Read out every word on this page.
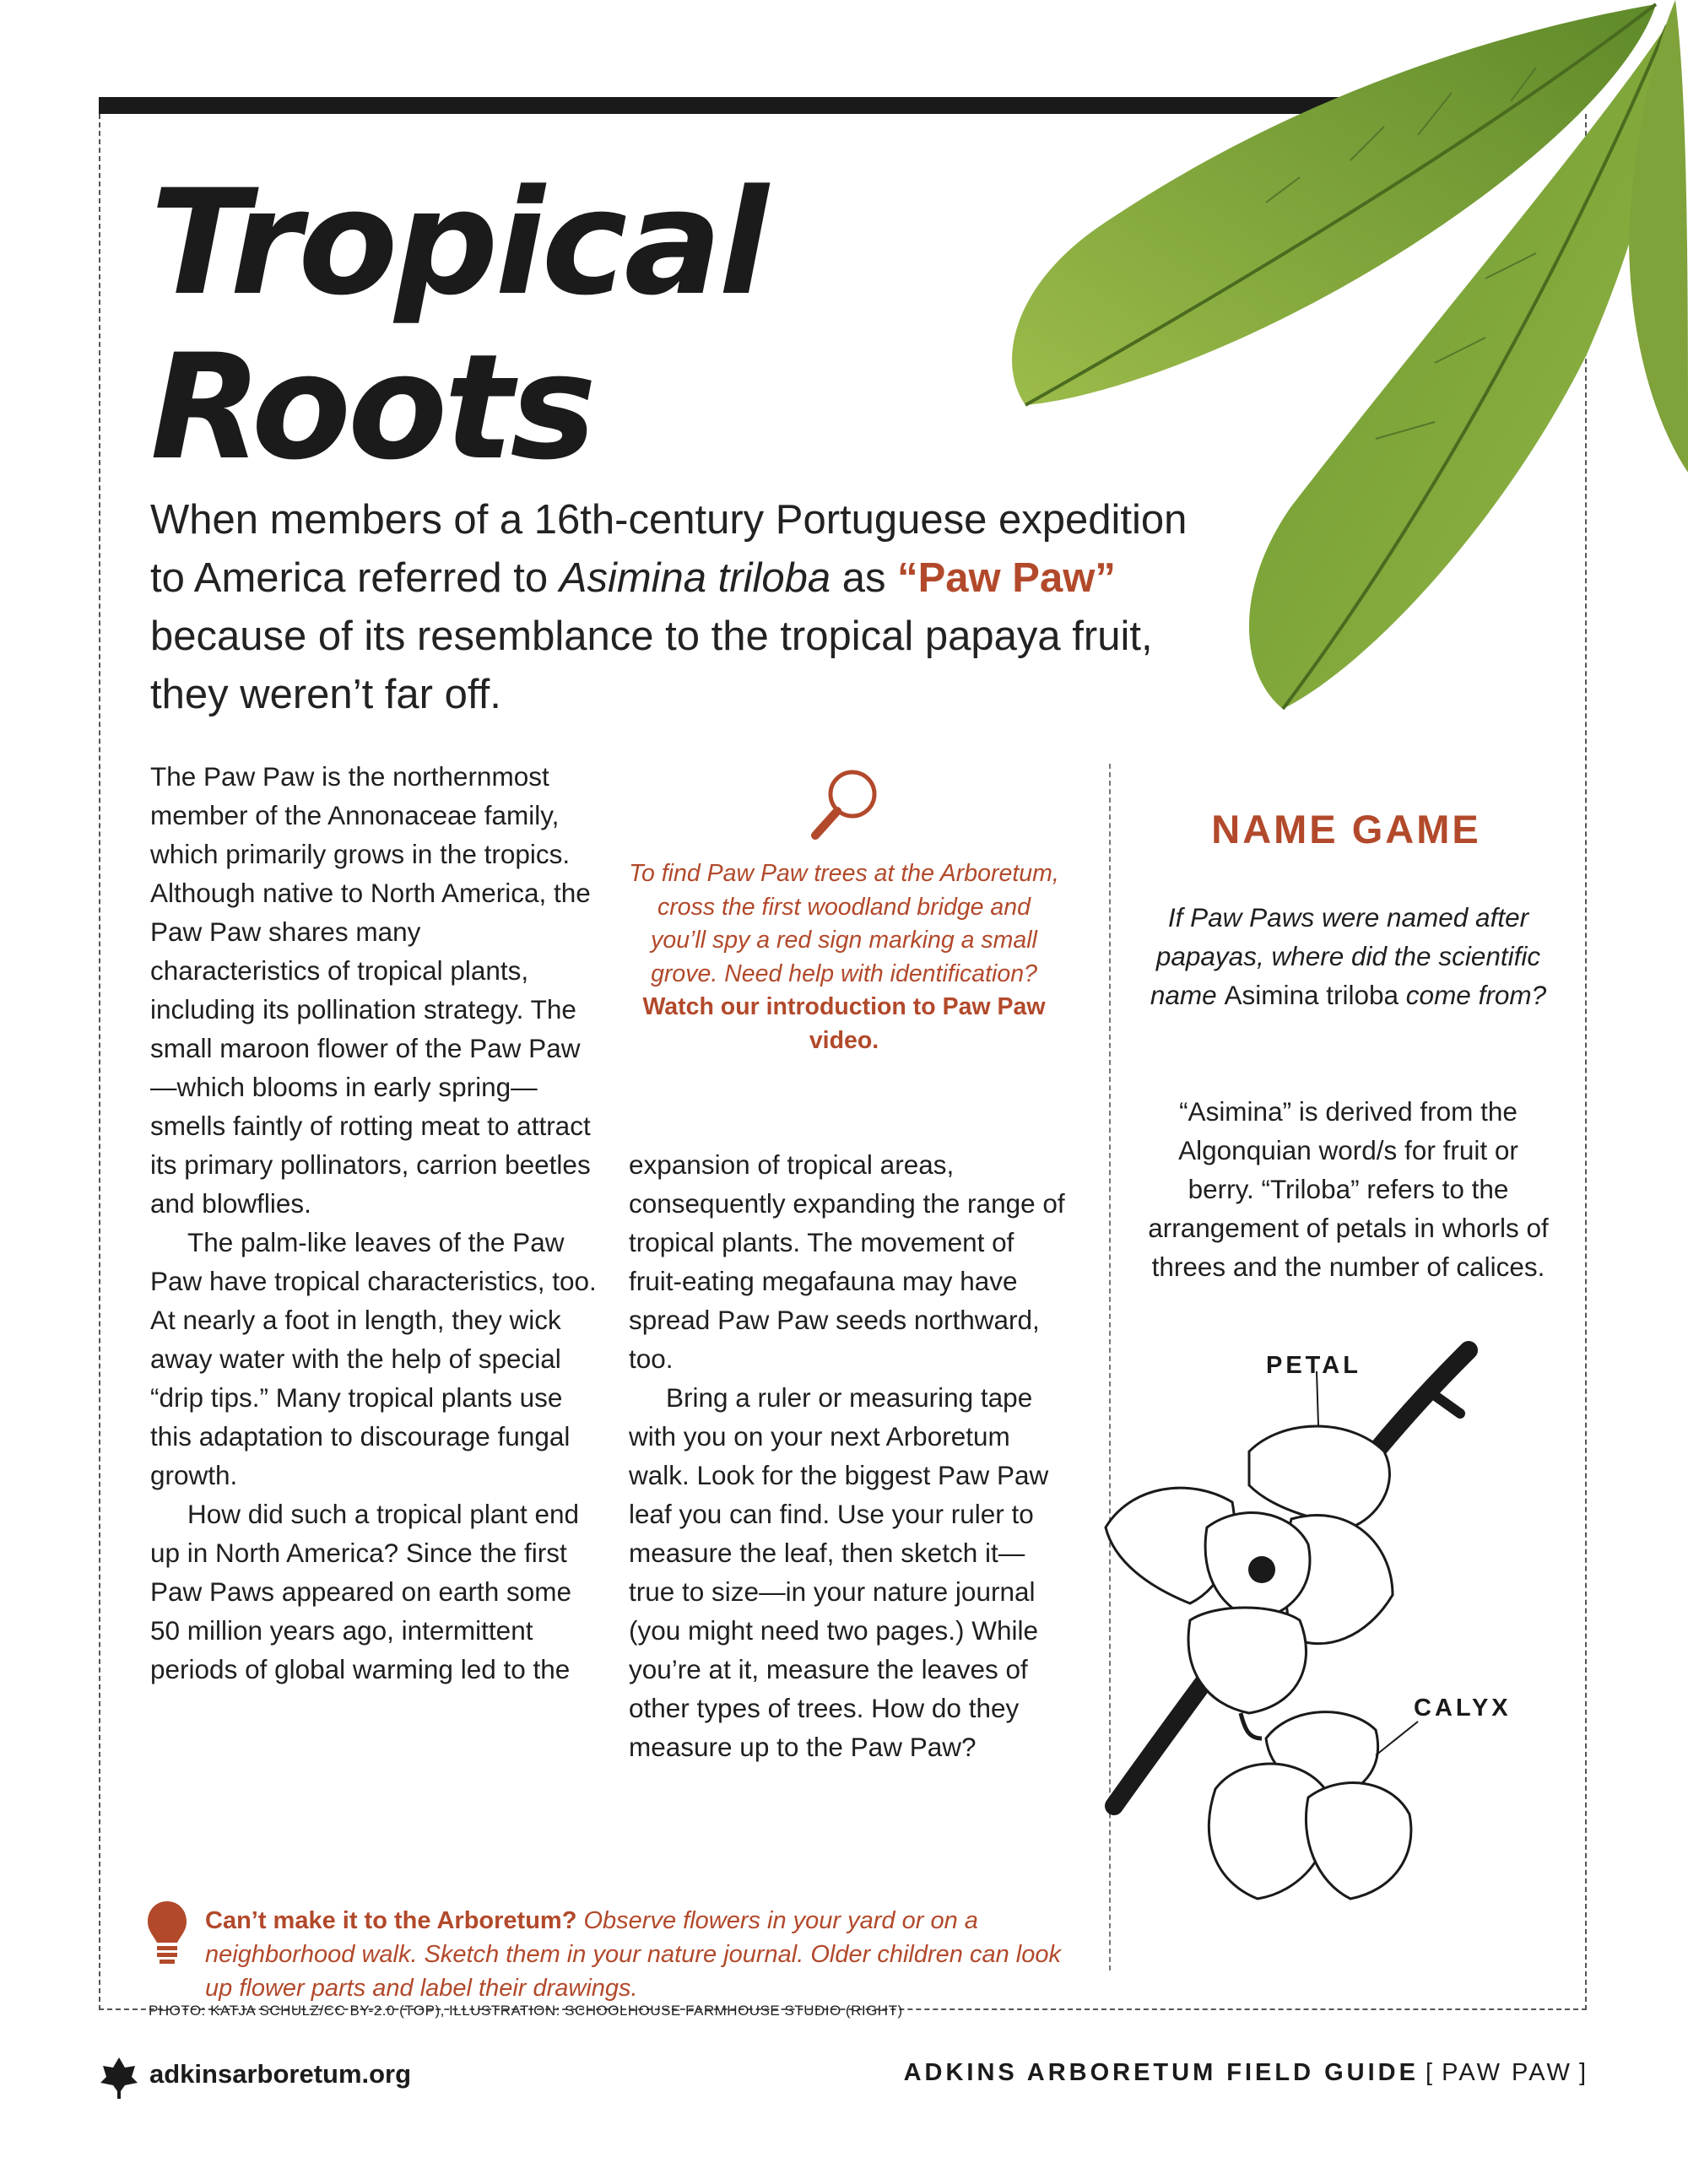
Tropical
Roots

When members of a 16th-century Portuguese expedition to America referred to Asimina triloba as “Paw Paw” because of its resemblance to the tropical papaya fruit, they weren’t far off.

The Paw Paw is the northernmost member of the Annonaceae family, which primarily grows in the tropics. Although native to North America, the Paw Paw shares many characteristics of tropical plants, including its pollination strategy. The small maroon flower of the Paw Paw—which blooms in early spring—smells faintly of rotting meat to attract its primary pollinators, carrion beetles and blowflies.

The palm-like leaves of the Paw Paw have tropical characteristics, too. At nearly a foot in length, they wick away water with the help of special “drip tips.” Many tropical plants use this adaptation to discourage fungal growth.

How did such a tropical plant end up in North America? Since the first Paw Paws appeared on earth some 50 million years ago, intermittent periods of global warming led to the

To find Paw Paw trees at the Arboretum, cross the first woodland bridge and you’ll spy a red sign marking a small grove. Need help with identification?
Watch our introduction to Paw Paw video.

expansion of tropical areas, consequently expanding the range of tropical plants. The movement of fruit-eating megafauna may have spread Paw Paw seeds northward, too.

Bring a ruler or measuring tape with you on your next Arboretum walk. Look for the biggest Paw Paw leaf you can find. Use your ruler to measure the leaf, then sketch it—true to size—in your nature journal (you might need two pages.) While you’re at it, measure the leaves of other types of trees. How do they measure up to the Paw Paw?

NAME GAME

If Paw Paws were named after papayas, where did the scientific name Asimina triloba come from?

“Asimina” is derived from the Algonquian word/s for fruit or berry. “Triloba” refers to the arrangement of petals in whorls of threes and the number of calices.

PETAL
CALYX

Can’t make it to the Arboretum? Observe flowers in your yard or on a neighborhood walk. Sketch them in your nature journal. Older children can look up flower parts and label their drawings.

PHOTO: KATJA SCHULZ/CC BY-2.0 (TOP), ILLUSTRATION: SCHOOLHOUSE FARMHOUSE STUDIO (RIGHT)
adkinsarboretum.org	ADKINS ARBORETUM FIELD GUIDE [ PAW PAW ]
